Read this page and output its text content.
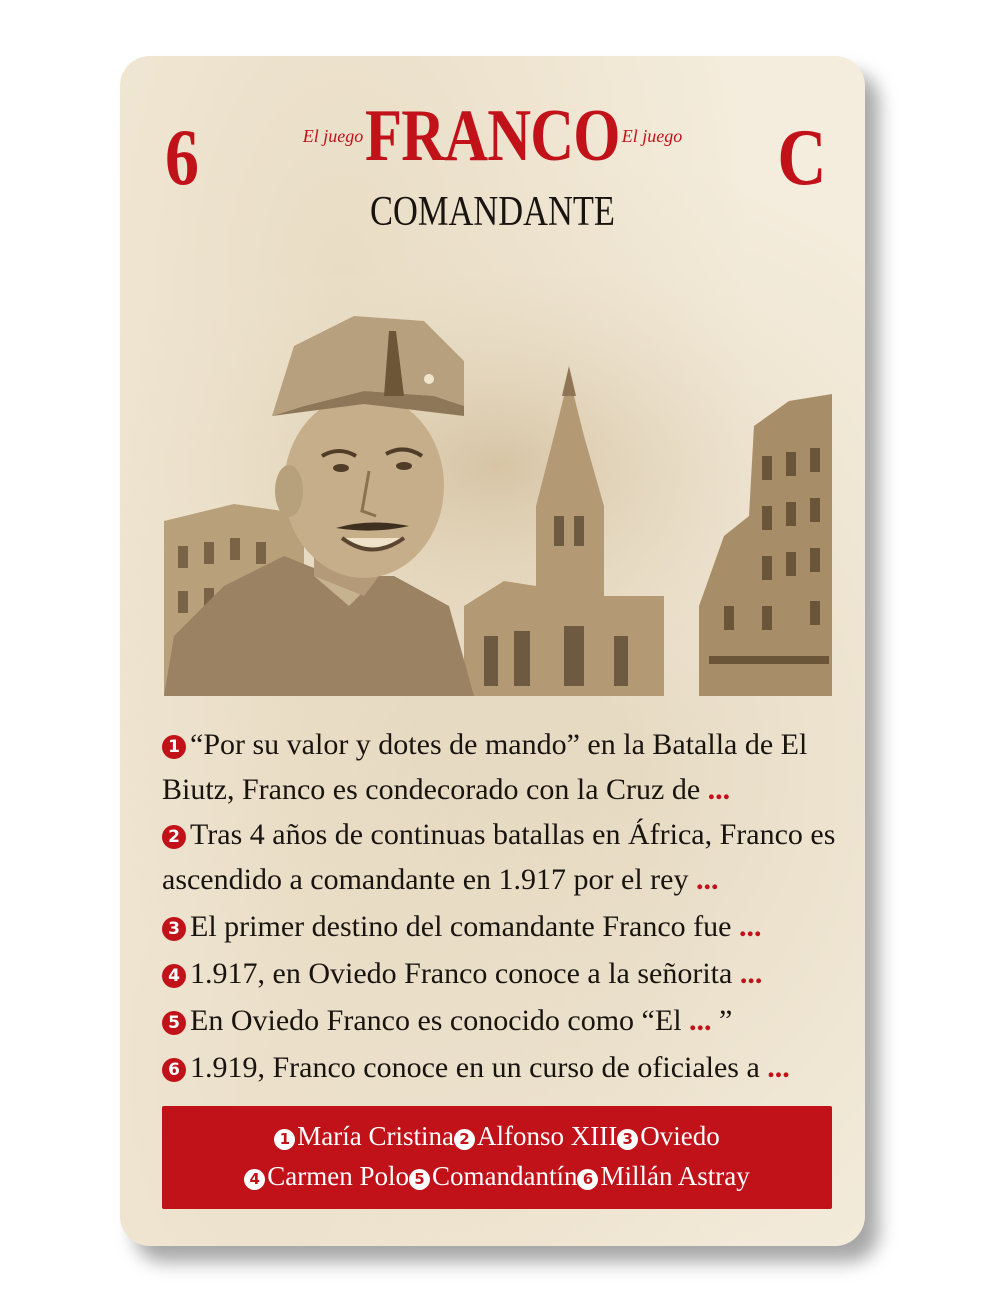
6	C
El juego FRANCO El juego
COMANDANTE

1 “Por su valor y dotes de mando” en la Batalla de El Biutz, Franco es condecorado con la Cruz de ...

2 Tras 4 años de continuas batallas en África, Franco es ascendido a comandante en 1.917 por el rey ...

3 El primer destino del comandante Franco fue ...

4 1.917, en Oviedo Franco conoce a la señorita ...

5 En Oviedo Franco es conocido como “El ... ”

6 1.919, Franco conoce en un curso de oficiales a ...

1 María Cristina 2 Alfonso XIII 3 Oviedo
4 Carmen Polo 5 Comandantín 6 Millán Astray
